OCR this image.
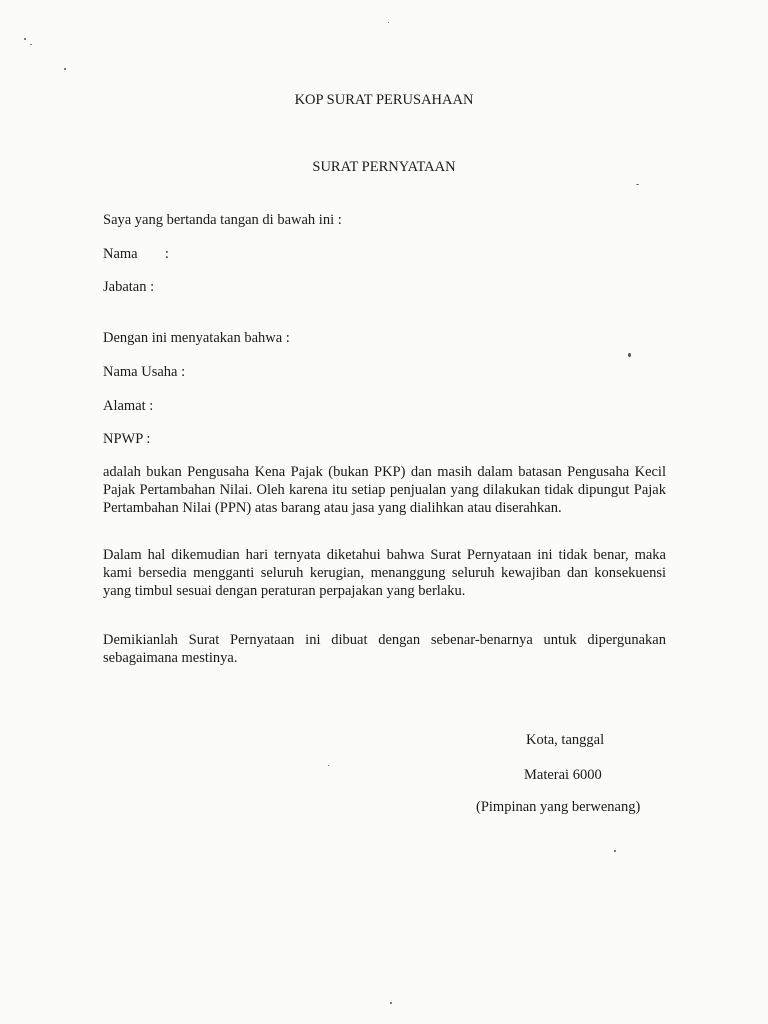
KOP SURAT PERUSAHAAN
SURAT PERNYATAAN
Saya yang bertanda tangan di bawah ini :
Nama :
Jabatan :
Dengan ini menyatakan bahwa :
Nama Usaha :
Alamat :
NPWP :
adalah bukan Pengusaha Kena Pajak (bukan PKP) dan masih dalam batasan Pengusaha Kecil Pajak Pertambahan Nilai. Oleh karena itu setiap penjualan yang dilakukan tidak dipungut Pajak Pertambahan Nilai (PPN) atas barang atau jasa yang dialihkan atau diserahkan.
Dalam hal dikemudian hari ternyata diketahui bahwa Surat Pernyataan ini tidak benar, maka kami bersedia mengganti seluruh kerugian, menanggung seluruh kewajiban dan konsekuensi yang timbul sesuai dengan peraturan perpajakan yang berlaku.
Demikianlah Surat Pernyataan ini dibuat dengan sebenar-benarnya untuk dipergunakan sebagaimana mestinya.
Kota, tanggal
Materai 6000
(Pimpinan yang berwenang)
